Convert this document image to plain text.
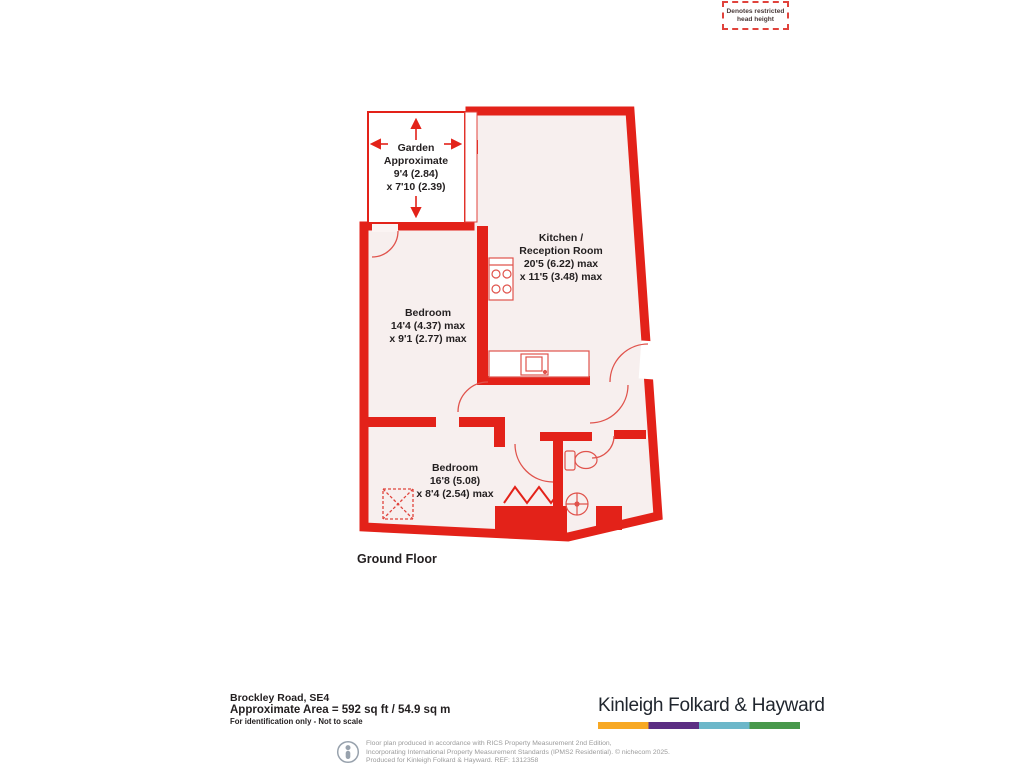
Denotes restricted
head height
Garden
Approximate
9'4 (2.84)
x 7'10 (2.39)
Kitchen /
Reception Room
20'5 (6.22) max
x 11'5 (3.48) max
Bedroom
14'4 (4.37) max
x 9'1 (2.77) max
Bedroom
16'8 (5.08)
x 8'4 (2.54) max
Ground Floor
Brockley Road, SE4
Approximate Area = 592 sq ft / 54.9 sq m
For identification only - Not to scale
Kinleigh Folkard & Hayward
Floor plan produced in accordance with RICS Property Measurement 2nd Edition,
Incorporating International Property Measurement Standards (IPMS2 Residential). © nichecom 2025.
Produced for Kinleigh Folkard & Hayward. REF: 1312358
